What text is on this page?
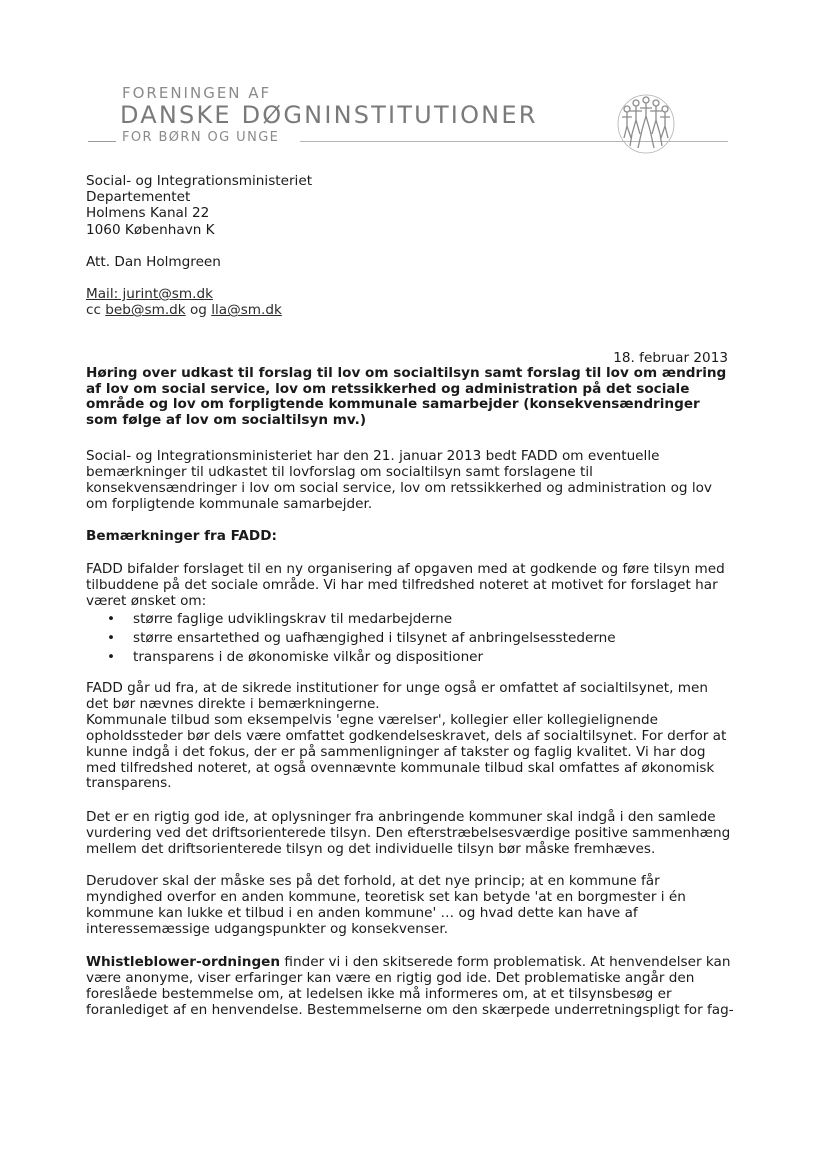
FORENINGEN AF
DANSKE DØGNINSTITUTIONER
FOR BØRN OG UNGE
Social- og Integrationsministeriet
Departementet
Holmens Kanal 22
1060 København K
Att. Dan Holmgreen
Mail: jurint@sm.dk
cc beb@sm.dk og lla@sm.dk
18. februar 2013
Høring over udkast til forslag til lov om socialtilsyn samt forslag til lov om ændring af lov om social service, lov om retssikkerhed og administration på det sociale område og lov om forpligtende kommunale samarbejder (konsekvensændringer som følge af lov om socialtilsyn mv.)
Social- og Integrationsministeriet har den 21. januar 2013 bedt FADD om eventuelle bemærkninger til udkastet til lovforslag om socialtilsyn samt forslagene til konsekvensændringer i lov om social service, lov om retssikkerhed og administration og lov om forpligtende kommunale samarbejder.
Bemærkninger fra FADD:
FADD bifalder forslaget til en ny organisering af opgaven med at godkende og føre tilsyn med tilbuddene på det sociale område. Vi har med tilfredshed noteret at motivet for forslaget har været ønsket om:
• større faglige udviklingskrav til medarbejderne
• større ensartethed og uafhængighed i tilsynet af anbringelsesstederne
• transparens i de økonomiske vilkår og dispositioner
FADD går ud fra, at de sikrede institutioner for unge også er omfattet af socialtilsynet, men det bør nævnes direkte i bemærkningerne.
Kommunale tilbud som eksempelvis 'egne værelser', kollegier eller kollegielignende opholdssteder bør dels være omfattet godkendelseskravet, dels af socialtilsynet. For derfor at kunne indgå i det fokus, der er på sammenligninger af takster og faglig kvalitet. Vi har dog med tilfredshed noteret, at også ovennævnte kommunale tilbud skal omfattes af økonomisk transparens.
Det er en rigtig god ide, at oplysninger fra anbringende kommuner skal indgå i den samlede vurdering ved det driftsorienterede tilsyn. Den efterstræbelsesværdige positive sammenhæng mellem det driftsorienterede tilsyn og det individuelle tilsyn bør måske fremhæves.
Derudover skal der måske ses på det forhold, at det nye princip; at en kommune får myndighed overfor en anden kommune, teoretisk set kan betyde 'at en borgmester i én kommune kan lukke et tilbud i en anden kommune' … og hvad dette kan have af interessemæssige udgangspunkter og konsekvenser.
Whistleblower-ordningen finder vi i den skitserede form problematisk. At henvendelser kan være anonyme, viser erfaringer kan være en rigtig god ide. Det problematiske angår den foreslåede bestemmelse om, at ledelsen ikke må informeres om, at et tilsynsbesøg er foranlediget af en henvendelse. Bestemmelserne om den skærpede underretningspligt for fag-
